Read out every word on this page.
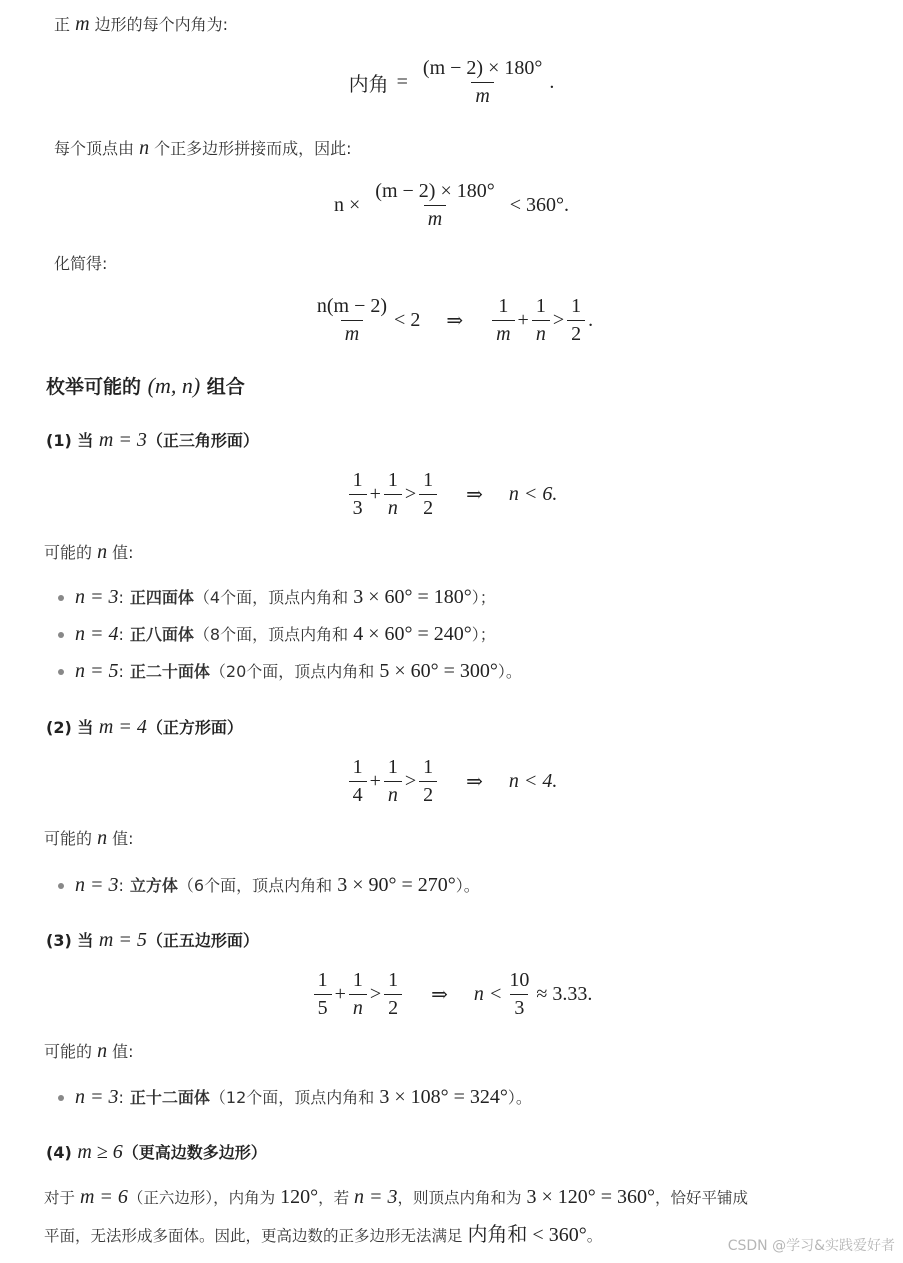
正 m 边形的每个内角为:
内角 = $\frac{(m - 2) \times 180^\circ}{m}$ .
每个顶点由 n 个正多边形拼接而成，因此:
$n \times \frac{(m - 2) \times 180^\circ}{m} < 360^\circ$.
化简得:
$\frac{n(m - 2)}{m} < 2$ ⇒ $\frac{1}{m} + \frac{1}{n} > \frac{1}{2}$ .
枚举可能的 (m, n) 组合
(1) 当 m = 3（正三角形面）
$\frac{1}{3} + \frac{1}{n} > \frac{1}{2}$ ⇒ n < 6.
可能的 n 值:
n = 3: 正四面体（4个面，顶点内角和 3 × 60° = 180°）；
n = 4: 正八面体（8个面，顶点内角和 4 × 60° = 240°）；
n = 5: 正二十面体（20个面，顶点内角和 5 × 60° = 300°）。
(2) 当 m = 4（正方形面）
$\frac{1}{4} + \frac{1}{n} > \frac{1}{2}$ ⇒ n < 4.
可能的 n 值:
n = 3: 立方体（6个面，顶点内角和 3 × 90° = 270°）。
(3) 当 m = 5（正五边形面）
$\frac{1}{5} + \frac{1}{n} > \frac{1}{2}$ ⇒ $n < \frac{10}{3} \approx 3.33$.
可能的 n 值:
n = 3: 正十二面体（12个面，顶点内角和 3 × 108° = 324°）。
(4) m ≥ 6（更高边数多边形）
对于 m = 6（正六边形），内角为 120°，若 n = 3，则顶点内角和为 3 × 120° = 360°，恰好平铺成
平面，无法形成多面体。因此，更高边数的正多边形无法满足 内角和 < 360°。
CSDN @学习&实践爱好者
